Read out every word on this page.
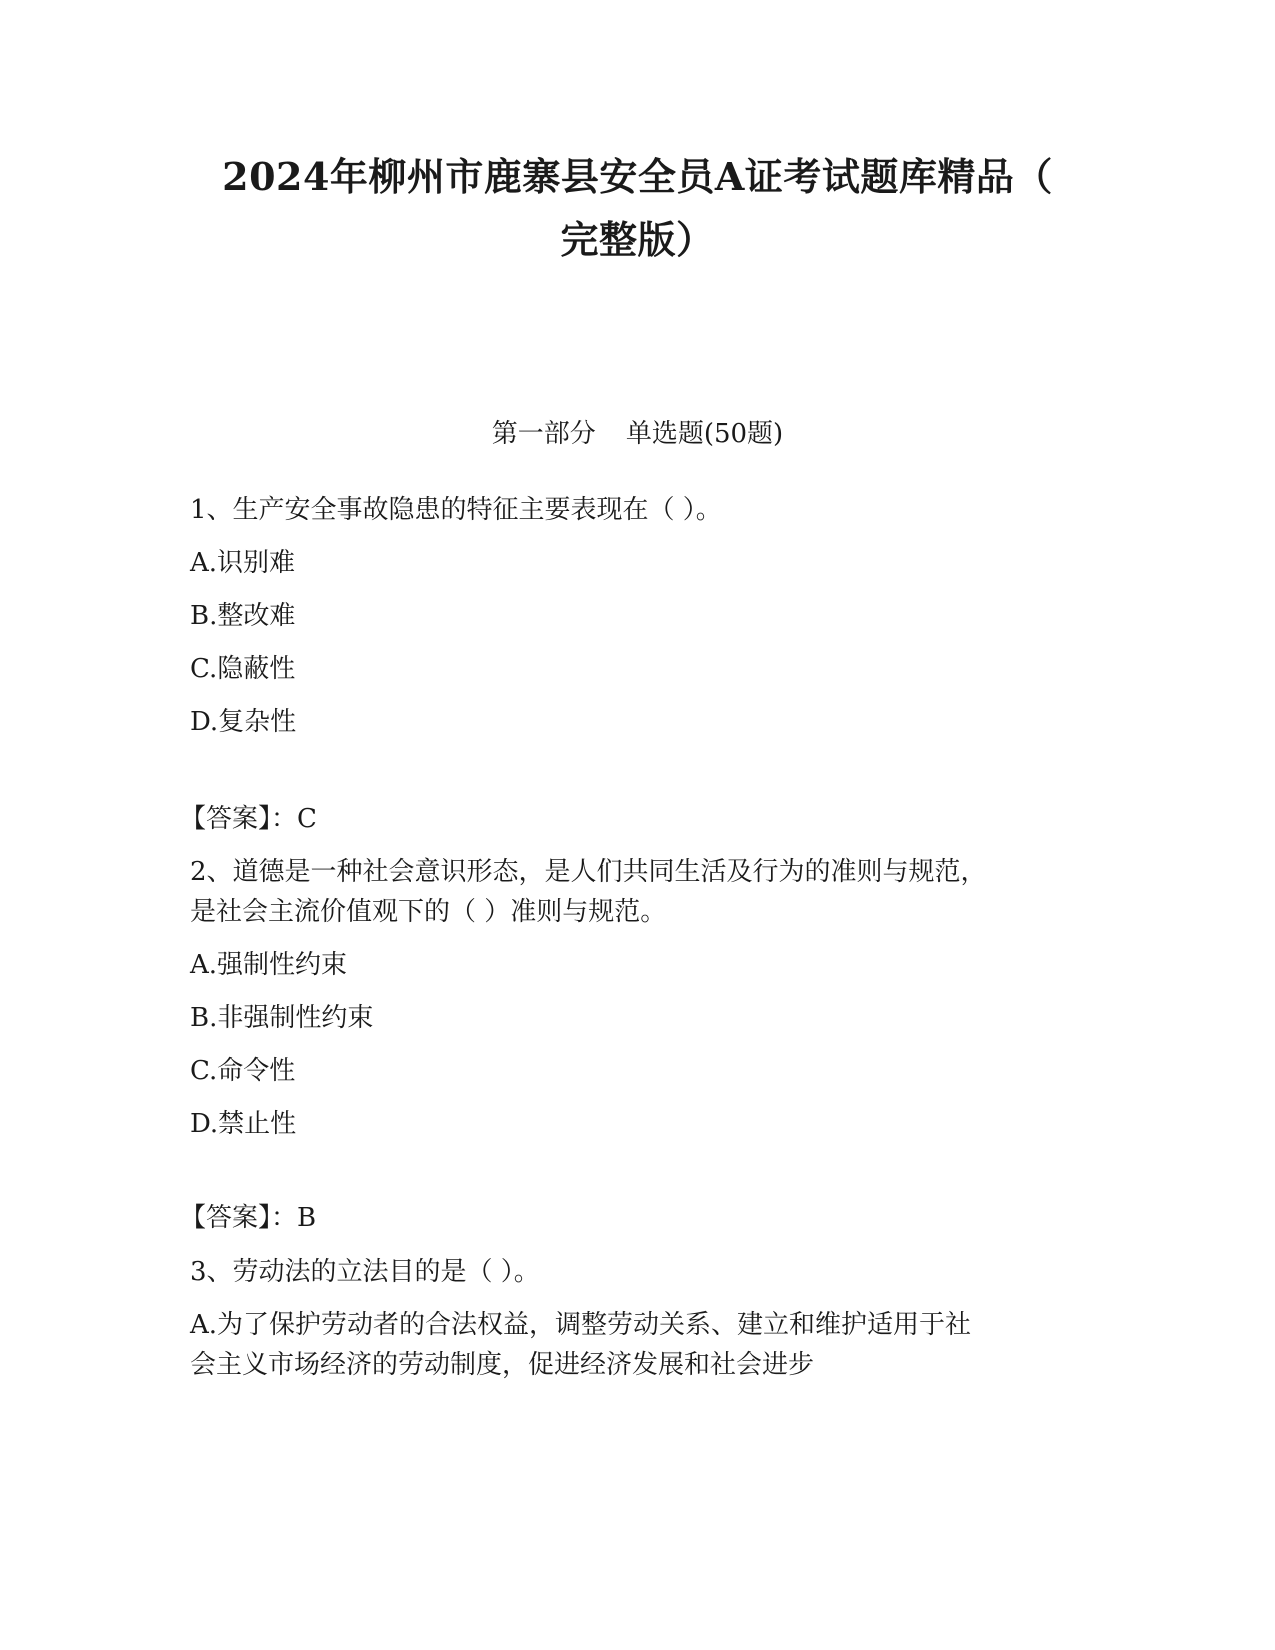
2024年柳州市鹿寨县安全员A证考试题库精品（
完整版）
第一部分 单选题(50题)
1、生产安全事故隐患的特征主要表现在（ ）。
A.识别难
B.整改难
C.隐蔽性
D.复杂性
【答案】：C
2、道德是一种社会意识形态，是人们共同生活及行为的准则与规范，
是社会主流价值观下的（ ）准则与规范。
A.强制性约束
B.非强制性约束
C.命令性
D.禁止性
【答案】：B
3、劳动法的立法目的是（ ）。
A.为了保护劳动者的合法权益，调整劳动关系、建立和维护适用于社
会主义市场经济的劳动制度，促进经济发展和社会进步
